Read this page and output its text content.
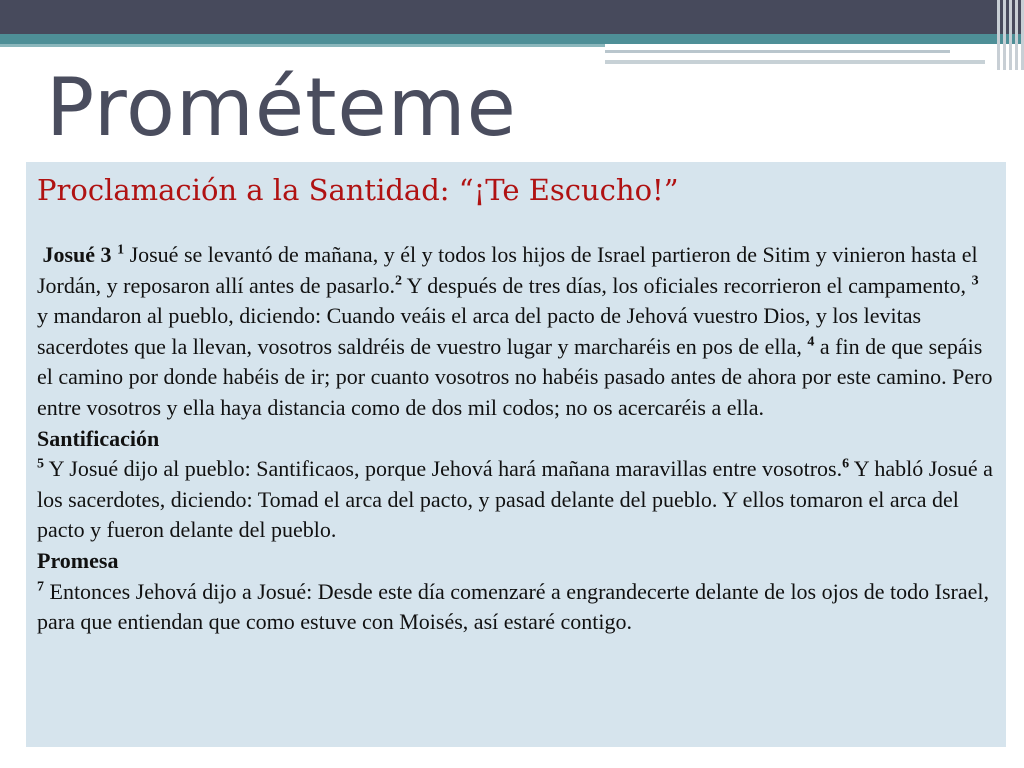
Prométeme
Proclamación a la Santidad: “¡Te Escucho!”

Josué 3 $^1$ Josué se levantó de mañana, y él y todos los hijos de Israel partieron de Sitim y vinieron hasta el Jordán, y reposaron allí antes de pasarlo.$^2$ Y después de tres días, los oficiales recorrieron el campamento, $^3$ y mandaron al pueblo, diciendo: Cuando veáis el arca del pacto de Jehová vuestro Dios, y los levitas sacerdotes que la llevan, vosotros saldréis de vuestro lugar y marcharéis en pos de ella, $^4$ a fin de que sepáis el camino por donde habéis de ir; por cuanto vosotros no habéis pasado antes de ahora por este camino. Pero entre vosotros y ella haya distancia como de dos mil codos; no os acercaréis a ella.

Santificación

$^5$ Y Josué dijo al pueblo: Santificaos, porque Jehová hará mañana maravillas entre vosotros.$^6$ Y habló Josué a los sacerdotes, diciendo: Tomad el arca del pacto, y pasad delante del pueblo. Y ellos tomaron el arca del pacto y fueron delante del pueblo.

Promesa

$^7$ Entonces Jehová dijo a Josué: Desde este día comenzaré a engrandecerte delante de los ojos de todo Israel, para que entiendan que como estuve con Moisés, así estaré contigo.
